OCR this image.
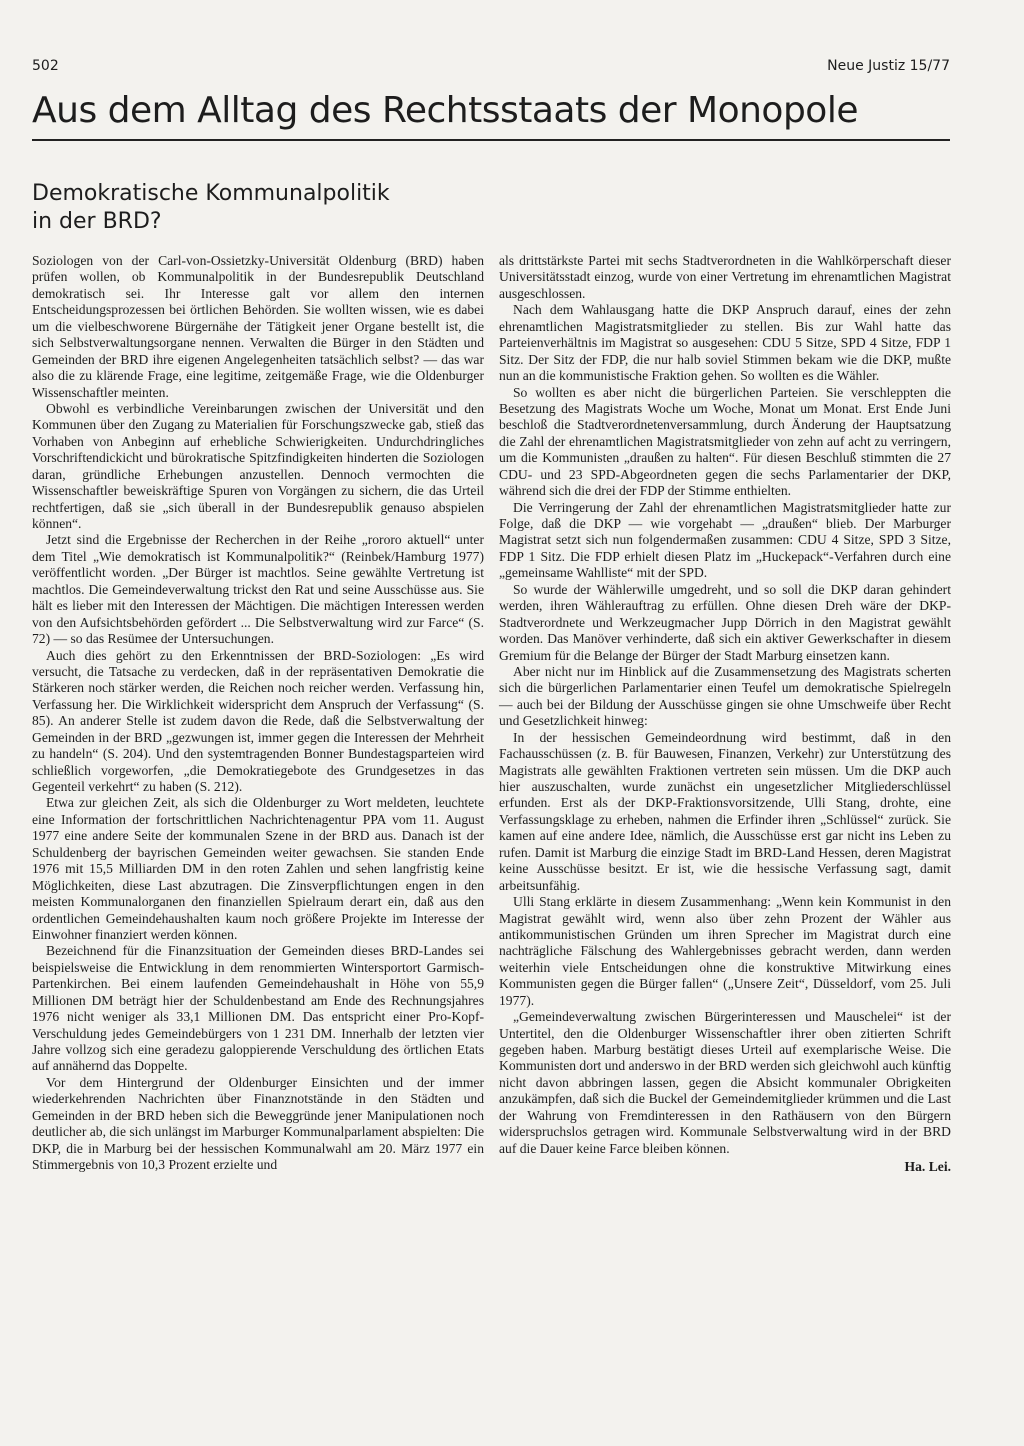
502	Neue Justiz 15/77
Aus dem Alltag des Rechtsstaats der Monopole
Demokratische Kommunalpolitik
in der BRD?

Soziologen von der Carl-von-Ossietzky-Universität Oldenburg (BRD) haben prüfen wollen, ob Kommunalpolitik in der Bundesrepublik Deutschland demokratisch sei. Ihr Interesse galt vor allem den internen Entscheidungsprozessen bei örtlichen Behörden. Sie wollten wissen, wie es dabei um die vielbeschworene Bürgernähe der Tätigkeit jener Organe bestellt ist, die sich Selbstverwaltungsorgane nennen. Verwalten die Bürger in den Städten und Gemeinden der BRD ihre eigenen Angelegenheiten tatsächlich selbst? — das war also die zu klärende Frage, eine legitime, zeitgemäße Frage, wie die Oldenburger Wissenschaftler meinten.

Obwohl es verbindliche Vereinbarungen zwischen der Universität und den Kommunen über den Zugang zu Materialien für Forschungszwecke gab, stieß das Vorhaben von Anbeginn auf erhebliche Schwierigkeiten. Undurchdringliches Vorschriftendickicht und bürokratische Spitzfindigkeiten hinderten die Soziologen daran, gründliche Erhebungen anzustellen. Dennoch vermochten die Wissenschaftler beweiskräftige Spuren von Vorgängen zu sichern, die das Urteil rechtfertigen, daß sie „sich überall in der Bundesrepublik genauso abspielen können“.

Jetzt sind die Ergebnisse der Recherchen in der Reihe „rororo aktuell“ unter dem Titel „Wie demokratisch ist Kommunalpolitik?“ (Reinbek/Hamburg 1977) veröffentlicht worden. „Der Bürger ist machtlos. Seine gewählte Vertretung ist machtlos. Die Gemeindeverwaltung trickst den Rat und seine Ausschüsse aus. Sie hält es lieber mit den Interessen der Mächtigen. Die mächtigen Interessen werden von den Aufsichtsbehörden gefördert ... Die Selbstverwaltung wird zur Farce“ (S. 72) — so das Resümee der Untersuchungen.

Auch dies gehört zu den Erkenntnissen der BRD-Soziologen: „Es wird versucht, die Tatsache zu verdecken, daß in der repräsentativen Demokratie die Stärkeren noch stärker werden, die Reichen noch reicher werden. Verfassung hin, Verfassung her. Die Wirklichkeit widerspricht dem Anspruch der Verfassung“ (S. 85). An anderer Stelle ist zudem davon die Rede, daß die Selbstverwaltung der Gemeinden in der BRD „gezwungen ist, immer gegen die Interessen der Mehrheit zu handeln“ (S. 204). Und den systemtragenden Bonner Bundestagsparteien wird schließlich vorgeworfen, „die Demokratiegebote des Grundgesetzes in das Gegenteil verkehrt“ zu haben (S. 212).

Etwa zur gleichen Zeit, als sich die Oldenburger zu Wort meldeten, leuchtete eine Information der fortschrittlichen Nachrichtenagentur PPA vom 11. August 1977 eine andere Seite der kommunalen Szene in der BRD aus. Danach ist der Schuldenberg der bayrischen Gemeinden weiter gewachsen. Sie standen Ende 1976 mit 15,5 Milliarden DM in den roten Zahlen und sehen langfristig keine Möglichkeiten, diese Last abzutragen. Die Zinsverpflichtungen engen in den meisten Kommunalorganen den finanziellen Spielraum derart ein, daß aus den ordentlichen Gemeindehaushalten kaum noch größere Projekte im Interesse der Einwohner finanziert werden können.

Bezeichnend für die Finanzsituation der Gemeinden dieses BRD-Landes sei beispielsweise die Entwicklung in dem renommierten Wintersportort Garmisch-Partenkirchen. Bei einem laufenden Gemeindehaushalt in Höhe von 55,9 Millionen DM beträgt hier der Schuldenbestand am Ende des Rechnungsjahres 1976 nicht weniger als 33,1 Millionen DM. Das entspricht einer Pro-Kopf-Verschuldung jedes Gemeindebürgers von 1 231 DM. Innerhalb der letzten vier Jahre vollzog sich eine geradezu galoppierende Verschuldung des örtlichen Etats auf annähernd das Doppelte.

Vor dem Hintergrund der Oldenburger Einsichten und der immer wiederkehrenden Nachrichten über Finanznotstände in den Städten und Gemeinden in der BRD heben sich die Beweggründe jener Manipulationen noch deutlicher ab, die sich unlängst im Marburger Kommunalparlament abspielten: Die DKP, die in Marburg bei der hessischen Kommunalwahl am 20. März 1977 ein Stimmergebnis von 10,3 Prozent erzielte und

als drittstärkste Partei mit sechs Stadtverordneten in die Wahlkörperschaft dieser Universitätsstadt einzog, wurde von einer Vertretung im ehrenamtlichen Magistrat ausgeschlossen.

Nach dem Wahlausgang hatte die DKP Anspruch darauf, eines der zehn ehrenamtlichen Magistratsmitglieder zu stellen. Bis zur Wahl hatte das Parteienverhältnis im Magistrat so ausgesehen: CDU 5 Sitze, SPD 4 Sitze, FDP 1 Sitz. Der Sitz der FDP, die nur halb soviel Stimmen bekam wie die DKP, mußte nun an die kommunistische Fraktion gehen. So wollten es die Wähler.

So wollten es aber nicht die bürgerlichen Parteien. Sie verschleppten die Besetzung des Magistrats Woche um Woche, Monat um Monat. Erst Ende Juni beschloß die Stadtverordnetenversammlung, durch Änderung der Hauptsatzung die Zahl der ehrenamtlichen Magistratsmitglieder von zehn auf acht zu verringern, um die Kommunisten „draußen zu halten“. Für diesen Beschluß stimmten die 27 CDU- und 23 SPD-Abgeordneten gegen die sechs Parlamentarier der DKP, während sich die drei der FDP der Stimme enthielten.

Die Verringerung der Zahl der ehrenamtlichen Magistratsmitglieder hatte zur Folge, daß die DKP — wie vorgehabt — „draußen“ blieb. Der Marburger Magistrat setzt sich nun folgendermaßen zusammen: CDU 4 Sitze, SPD 3 Sitze, FDP 1 Sitz. Die FDP erhielt diesen Platz im „Huckepack“-Verfahren durch eine „gemeinsame Wahlliste“ mit der SPD.

So wurde der Wählerwille umgedreht, und so soll die DKP daran gehindert werden, ihren Wählerauftrag zu erfüllen. Ohne diesen Dreh wäre der DKP-Stadtverordnete und Werkzeugmacher Jupp Dörrich in den Magistrat gewählt worden. Das Manöver verhinderte, daß sich ein aktiver Gewerkschafter in diesem Gremium für die Belange der Bürger der Stadt Marburg einsetzen kann.

Aber nicht nur im Hinblick auf die Zusammensetzung des Magistrats scherten sich die bürgerlichen Parlamentarier einen Teufel um demokratische Spielregeln — auch bei der Bildung der Ausschüsse gingen sie ohne Umschweife über Recht und Gesetzlichkeit hinweg:

In der hessischen Gemeindeordnung wird bestimmt, daß in den Fachausschüssen (z. B. für Bauwesen, Finanzen, Verkehr) zur Unterstützung des Magistrats alle gewählten Fraktionen vertreten sein müssen. Um die DKP auch hier auszuschalten, wurde zunächst ein ungesetzlicher Mitgliederschlüssel erfunden. Erst als der DKP-Fraktionsvorsitzende, Ulli Stang, drohte, eine Verfassungsklage zu erheben, nahmen die Erfinder ihren „Schlüssel“ zurück. Sie kamen auf eine andere Idee, nämlich, die Ausschüsse erst gar nicht ins Leben zu rufen. Damit ist Marburg die einzige Stadt im BRD-Land Hessen, deren Magistrat keine Ausschüsse besitzt. Er ist, wie die hessische Verfassung sagt, damit arbeitsunfähig.

Ulli Stang erklärte in diesem Zusammenhang: „Wenn kein Kommunist in den Magistrat gewählt wird, wenn also über zehn Prozent der Wähler aus antikommunistischen Gründen um ihren Sprecher im Magistrat durch eine nachträgliche Fälschung des Wahlergebnisses gebracht werden, dann werden weiterhin viele Entscheidungen ohne die konstruktive Mitwirkung eines Kommunisten gegen die Bürger fallen“ („Unsere Zeit“, Düsseldorf, vom 25. Juli 1977).

„Gemeindeverwaltung zwischen Bürgerinteressen und Mauschelei“ ist der Untertitel, den die Oldenburger Wissenschaftler ihrer oben zitierten Schrift gegeben haben. Marburg bestätigt dieses Urteil auf exemplarische Weise. Die Kommunisten dort und anderswo in der BRD werden sich gleichwohl auch künftig nicht davon abbringen lassen, gegen die Absicht kommunaler Obrigkeiten anzukämpfen, daß sich die Buckel der Gemeindemitglieder krümmen und die Last der Wahrung von Fremdinteressen in den Rathäusern von den Bürgern widerspruchslos getragen wird. Kommunale Selbstverwaltung wird in der BRD auf die Dauer keine Farce bleiben können.

Ha. Lei.
